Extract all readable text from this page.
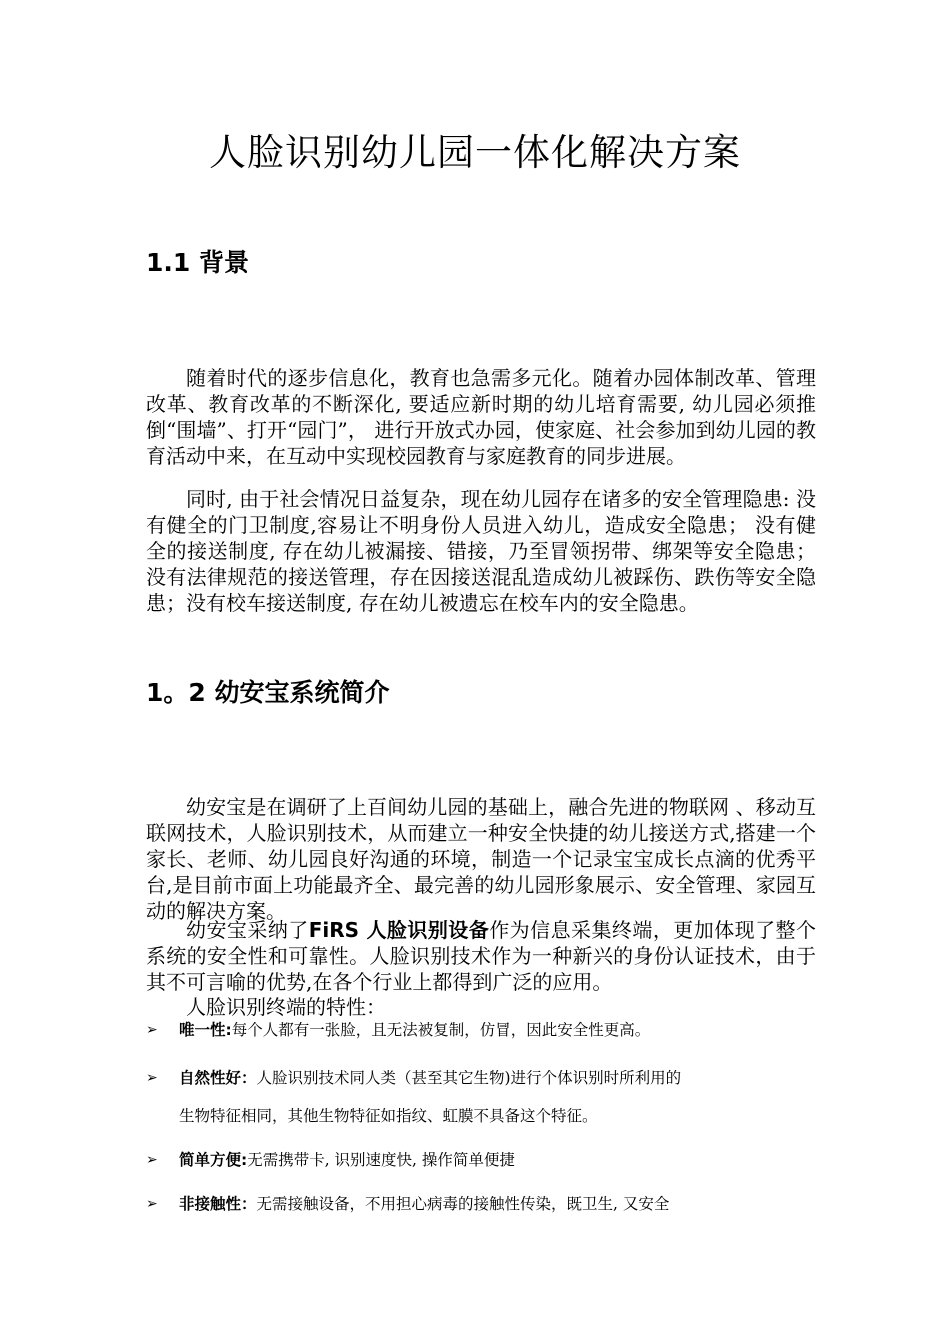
人脸识别幼儿园一体化解决方案
1.1 背景

随着时代的逐步信息化，教育也急需多元化。随着办园体制改革、管理改革、教育改革的不断深化, 要适应新时期的幼儿培育需要, 幼儿园必须推倒“围墙”、打开“园门”， 进行开放式办园，使家庭、社会参加到幼儿园的教育活动中来，在互动中实现校园教育与家庭教育的同步进展。

同时, 由于社会情况日益复杂，现在幼儿园存在诸多的安全管理隐患: 没有健全的门卫制度,容易让不明身份人员进入幼儿，造成安全隐患； 没有健全的接送制度, 存在幼儿被漏接、错接，乃至冒领拐带、绑架等安全隐患；没有法律规范的接送管理，存在因接送混乱造成幼儿被踩伤、跌伤等安全隐患；没有校车接送制度, 存在幼儿被遗忘在校车内的安全隐患。

1。2 幼安宝系统简介

幼安宝是在调研了上百间幼儿园的基础上，融合先进的物联网 、移动互联网技术，人脸识别技术，从而建立一种安全快捷的幼儿接送方式,搭建一个家长、老师、幼儿园良好沟通的环境，制造一个记录宝宝成长点滴的优秀平台,是目前市面上功能最齐全、最完善的幼儿园形象展示、安全管理、家园互动的解决方案。

幼安宝采纳了FiRS 人脸识别设备作为信息采集终端，更加体现了整个系统的安全性和可靠性。人脸识别技术作为一种新兴的身份认证技术，由于其不可言喻的优势,在各个行业上都得到广泛的应用。

人脸识别终端的特性：

➢ 唯一性:每个人都有一张脸，且无法被复制，仿冒，因此安全性更高。
➢ 自然性好：人脸识别技术同人类（甚至其它生物)进行个体识别时所利用的
生物特征相同，其他生物特征如指纹、虹膜不具备这个特征。
➢ 简单方便:无需携带卡, 识别速度快, 操作简单便捷
➢ 非接触性：无需接触设备，不用担心病毒的接触性传染，既卫生, 又安全
